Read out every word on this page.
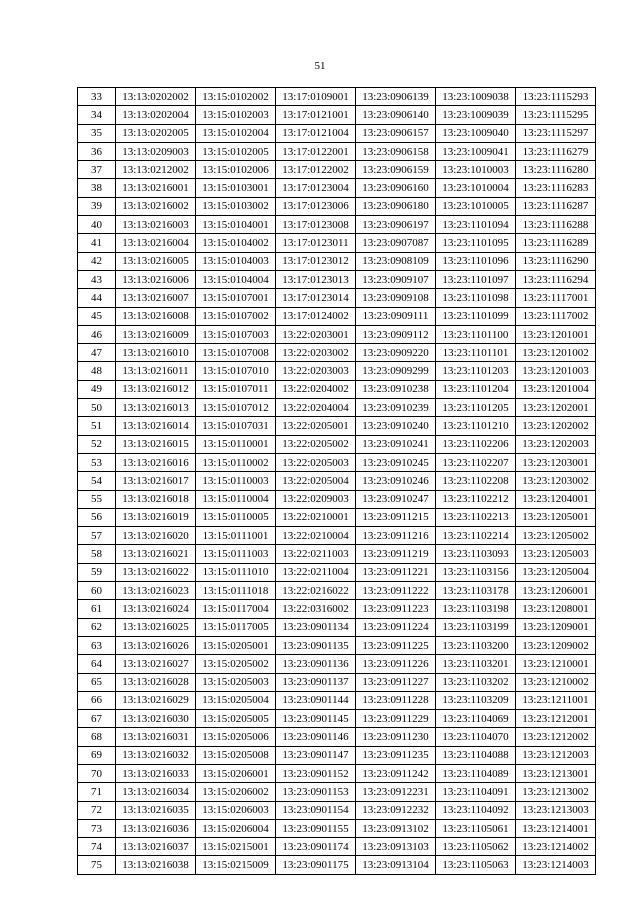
51
33	13:13:0202002	13:15:0102002	13:17:0109001	13:23:0906139	13:23:1009038	13:23:1115293
34	13:13:0202004	13:15:0102003	13:17:0121001	13:23:0906140	13:23:1009039	13:23:1115295
35	13:13:0202005	13:15:0102004	13:17:0121004	13:23:0906157	13:23:1009040	13:23:1115297
36	13:13:0209003	13:15:0102005	13:17:0122001	13:23:0906158	13:23:1009041	13:23:1116279
37	13:13:0212002	13:15:0102006	13:17:0122002	13:23:0906159	13:23:1010003	13:23:1116280
38	13:13:0216001	13:15:0103001	13:17:0123004	13:23:0906160	13:23:1010004	13:23:1116283
39	13:13:0216002	13:15:0103002	13:17:0123006	13:23:0906180	13:23:1010005	13:23:1116287
40	13:13:0216003	13:15:0104001	13:17:0123008	13:23:0906197	13:23:1101094	13:23:1116288
41	13:13:0216004	13:15:0104002	13:17:0123011	13:23:0907087	13:23:1101095	13:23:1116289
42	13:13:0216005	13:15:0104003	13:17:0123012	13:23:0908109	13:23:1101096	13:23:1116290
43	13:13:0216006	13:15:0104004	13:17:0123013	13:23:0909107	13:23:1101097	13:23:1116294
44	13:13:0216007	13:15:0107001	13:17:0123014	13:23:0909108	13:23:1101098	13:23:1117001
45	13:13:0216008	13:15:0107002	13:17:0124002	13:23:0909111	13:23:1101099	13:23:1117002
46	13:13:0216009	13:15:0107003	13:22:0203001	13:23:0909112	13:23:1101100	13:23:1201001
47	13:13:0216010	13:15:0107008	13:22:0203002	13:23:0909220	13:23:1101101	13:23:1201002
48	13:13:0216011	13:15:0107010	13:22:0203003	13:23:0909299	13:23:1101203	13:23:1201003
49	13:13:0216012	13:15:0107011	13:22:0204002	13:23:0910238	13:23:1101204	13:23:1201004
50	13:13:0216013	13:15:0107012	13:22:0204004	13:23:0910239	13:23:1101205	13:23:1202001
51	13:13:0216014	13:15:0107031	13:22:0205001	13:23:0910240	13:23:1101210	13:23:1202002
52	13:13:0216015	13:15:0110001	13:22:0205002	13:23:0910241	13:23:1102206	13:23:1202003
53	13:13:0216016	13:15:0110002	13:22:0205003	13:23:0910245	13:23:1102207	13:23:1203001
54	13:13:0216017	13:15:0110003	13:22:0205004	13:23:0910246	13:23:1102208	13:23:1203002
55	13:13:0216018	13:15:0110004	13:22:0209003	13:23:0910247	13:23:1102212	13:23:1204001
56	13:13:0216019	13:15:0110005	13:22:0210001	13:23:0911215	13:23:1102213	13:23:1205001
57	13:13:0216020	13:15:0111001	13:22:0210004	13:23:0911216	13:23:1102214	13:23:1205002
58	13:13:0216021	13:15:0111003	13:22:0211003	13:23:0911219	13:23:1103093	13:23:1205003
59	13:13:0216022	13:15:0111010	13:22:0211004	13:23:0911221	13:23:1103156	13:23:1205004
60	13:13:0216023	13:15:0111018	13:22:0216022	13:23:0911222	13:23:1103178	13:23:1206001
61	13:13:0216024	13:15:0117004	13:22:0316002	13:23:0911223	13:23:1103198	13:23:1208001
62	13:13:0216025	13:15:0117005	13:23:0901134	13:23:0911224	13:23:1103199	13:23:1209001
63	13:13:0216026	13:15:0205001	13:23:0901135	13:23:0911225	13:23:1103200	13:23:1209002
64	13:13:0216027	13:15:0205002	13:23:0901136	13:23:0911226	13:23:1103201	13:23:1210001
65	13:13:0216028	13:15:0205003	13:23:0901137	13:23:0911227	13:23:1103202	13:23:1210002
66	13:13:0216029	13:15:0205004	13:23:0901144	13:23:0911228	13:23:1103209	13:23:1211001
67	13:13:0216030	13:15:0205005	13:23:0901145	13:23:0911229	13:23:1104069	13:23:1212001
68	13:13:0216031	13:15:0205006	13:23:0901146	13:23:0911230	13:23:1104070	13:23:1212002
69	13:13:0216032	13:15:0205008	13:23:0901147	13:23:0911235	13:23:1104088	13:23:1212003
70	13:13:0216033	13:15:0206001	13:23:0901152	13:23:0911242	13:23:1104089	13:23:1213001
71	13:13:0216034	13:15:0206002	13:23:0901153	13:23:0912231	13:23:1104091	13:23:1213002
72	13:13:0216035	13:15:0206003	13:23:0901154	13:23:0912232	13:23:1104092	13:23:1213003
73	13:13:0216036	13:15:0206004	13:23:0901155	13:23:0913102	13:23:1105061	13:23:1214001
74	13:13:0216037	13:15:0215001	13:23:0901174	13:23:0913103	13:23:1105062	13:23:1214002
75	13:13:0216038	13:15:0215009	13:23:0901175	13:23:0913104	13:23:1105063	13:23:1214003
